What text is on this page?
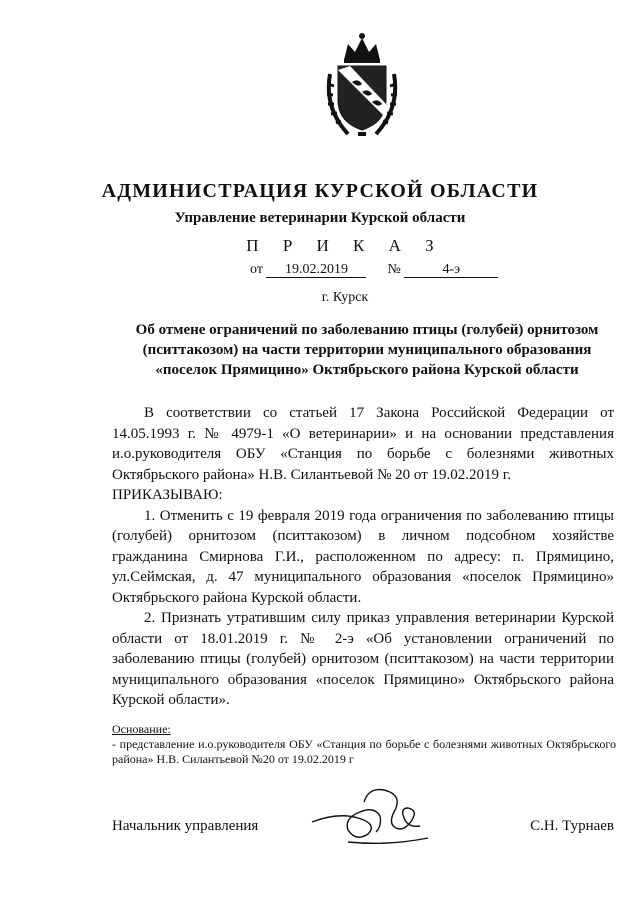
АДМИНИСТРАЦИЯ КУРСКОЙ ОБЛАСТИ
Управление ветеринарии Курской области
П Р И К А З
от 19.02.2019	№	4-э
г. Курск
Об отмене ограничений по заболеванию птицы (голубей) орнитозом (пситтакозом) на части территории муниципального образования «поселок Прямицино» Октябрьского района Курской области

В соответствии со статьей 17 Закона Российской Федерации от 14.05.1993 г. № 4979-1 «О ветеринарии» и на основании представления и.о.руководителя ОБУ «Станция по борьбе с болезнями животных Октябрьского района» Н.В. Силантьевой № 20 от 19.02.2019 г.

ПРИКАЗЫВАЮ:

1. Отменить с 19 февраля 2019 года ограничения по заболеванию птицы (голубей) орнитозом (пситтакозом) в личном подсобном хозяйстве гражданина Смирнова Г.И., расположенном по адресу: п. Прямицино, ул.Сеймская, д. 47 муниципального образования «поселок Прямицино» Октябрьского района Курской области.

2. Признать утратившим силу приказ управления ветеринарии Курской области от 18.01.2019 г. № 2-э «Об установлении ограничений по заболеванию птицы (голубей) орнитозом (пситтакозом) на части территории муниципального образования «поселок Прямицино» Октябрьского района Курской области».

Основание:
- представление и.о.руководителя ОБУ «Станция по борьбе с болезнями животных Октябрьского района» Н.В. Силантьевой №20 от 19.02.2019 г
Начальник управления	С.Н. Турнаев
